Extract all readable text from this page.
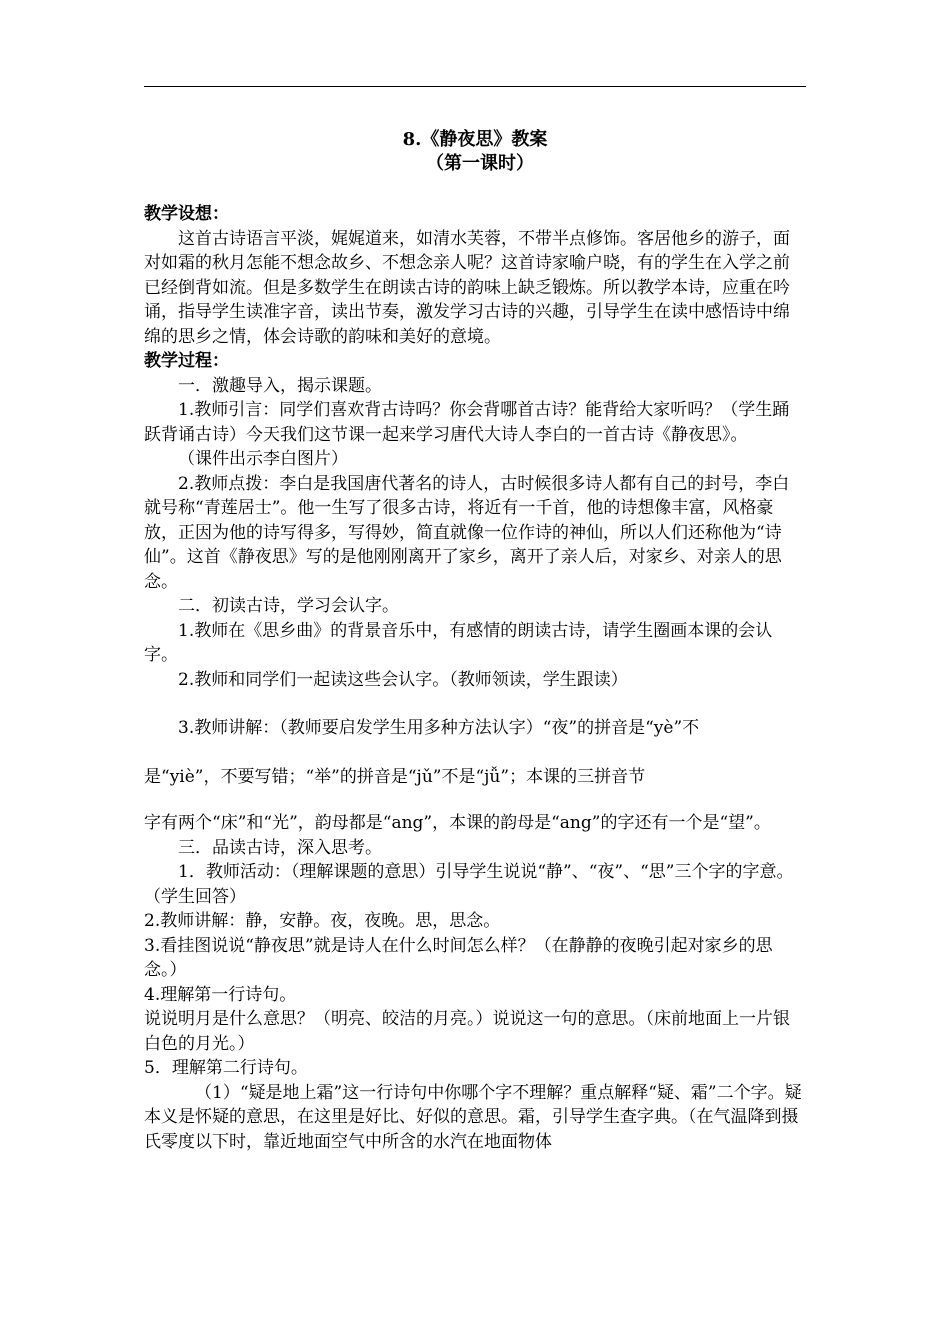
8.《静夜思》教案
（第一课时）

教学设想：

这首古诗语言平淡，娓娓道来，如清水芙蓉，不带半点修饰。客居他乡的游子，面对如霜的秋月怎能不想念故乡、不想念亲人呢？这首诗家喻户晓，有的学生在入学之前已经倒背如流。但是多数学生在朗读古诗的韵味上缺乏锻炼。所以教学本诗，应重在吟诵，指导学生读准字音，读出节奏，激发学习古诗的兴趣，引导学生在读中感悟诗中绵绵的思乡之情，体会诗歌的韵味和美好的意境。

教学过程：

一．激趣导入，揭示课题。

1.教师引言：同学们喜欢背古诗吗？你会背哪首古诗？能背给大家听吗？（学生踊跃背诵古诗）今天我们这节课一起来学习唐代大诗人李白的一首古诗《静夜思》。

（课件出示李白图片）

2.教师点拨：李白是我国唐代著名的诗人，古时候很多诗人都有自己的封号，李白就号称“青莲居士”。他一生写了很多古诗，将近有一千首，他的诗想像丰富，风格豪放，正因为他的诗写得多，写得妙，简直就像一位作诗的神仙，所以人们还称他为“诗仙”。这首《静夜思》写的是他刚刚离开了家乡，离开了亲人后，对家乡、对亲人的思念。

二．初读古诗，学习会认字。

1.教师在《思乡曲》的背景音乐中，有感情的朗读古诗，请学生圈画本课的会认字。

2.教师和同学们一起读这些会认字。（教师领读，学生跟读）

3.教师讲解：（教师要启发学生用多种方法认字）“夜”的拼音是“yè”不

是“yiè”，不要写错；“举”的拼音是“jǔ”不是“jǚ”；本课的三拼音节

字有两个“床”和“光”，韵母都是“ang”，本课的韵母是“ang”的字还有一个是“望”。

三．品读古诗，深入思考。

1．教师活动：（理解课题的意思）引导学生说说“静”、“夜”、“思”三个字的字意。（学生回答）

2.教师讲解：静，安静。夜，夜晚。思，思念。

3.看挂图说说“静夜思”就是诗人在什么时间怎么样？（在静静的夜晚引起对家乡的思念。）

4.理解第一行诗句。

说说明月是什么意思？（明亮、皎洁的月亮。）说说这一句的意思。（床前地面上一片银白色的月光。）

5．理解第二行诗句。

（1）“疑是地上霜”这一行诗句中你哪个字不理解？重点解释“疑、霜”二个字。疑本义是怀疑的意思，在这里是好比、好似的意思。霜，引导学生查字典。（在气温降到摄氏零度以下时，靠近地面空气中所含的水汽在地面物体
